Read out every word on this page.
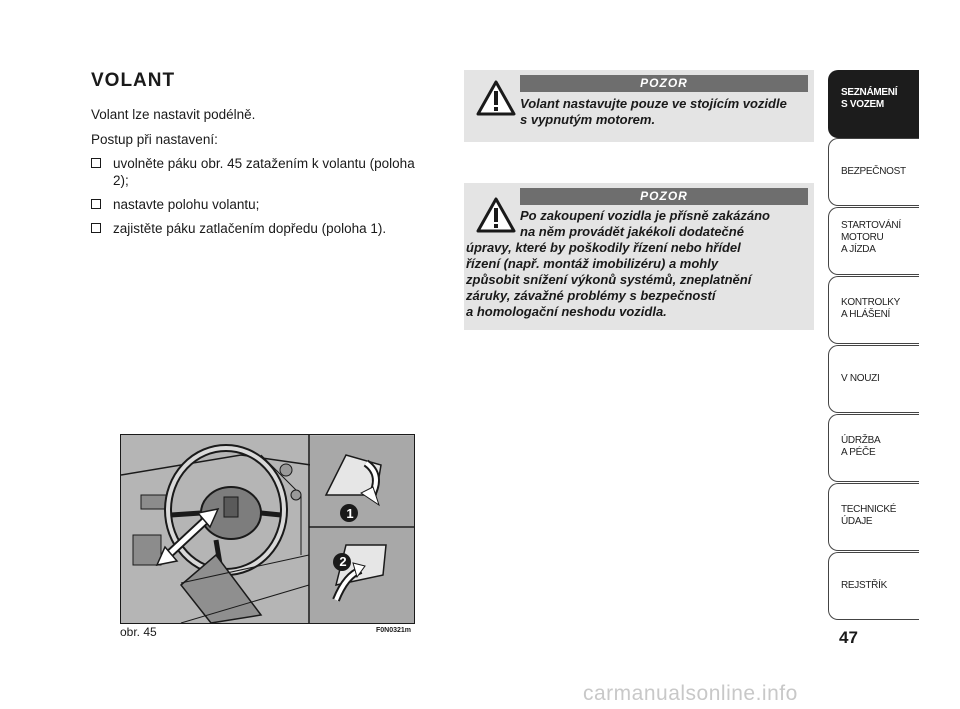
VOLANT
Volant lze nastavit podélně.
Postup při nastavení:
uvolněte páku obr. 45 zatažením k volantu (poloha 2);
nastavte polohu volantu;
zajistěte páku zatlačením dopředu (poloha 1).
POZOR
Volant nastavujte pouze ve stojícím vozidle s vypnutým motorem.
POZOR
Po zakoupení vozidla je přísně zakázáno
na něm provádět jakékoli dodatečné
úpravy, které by poškodily řízení nebo hřídel
řízení (např. montáž imobilizéru) a mohly
způsobit snížení výkonů systémů, zneplatnění
záruky, závažné problémy s bezpečností
a homologační neshodu vozidla.
1
2
obr. 45	F0N0321m
SEZNÁMENÍ
S VOZEM
BEZPEČNOST
STARTOVÁNÍ
MOTORU
A JÍZDA
KONTROLKY
A HLÁŠENÍ
V NOUZI
ÚDRŽBA
A PÉČE
TECHNICKÉ
ÚDAJE
REJSTŘÍK
47
carmanualsonline.info
